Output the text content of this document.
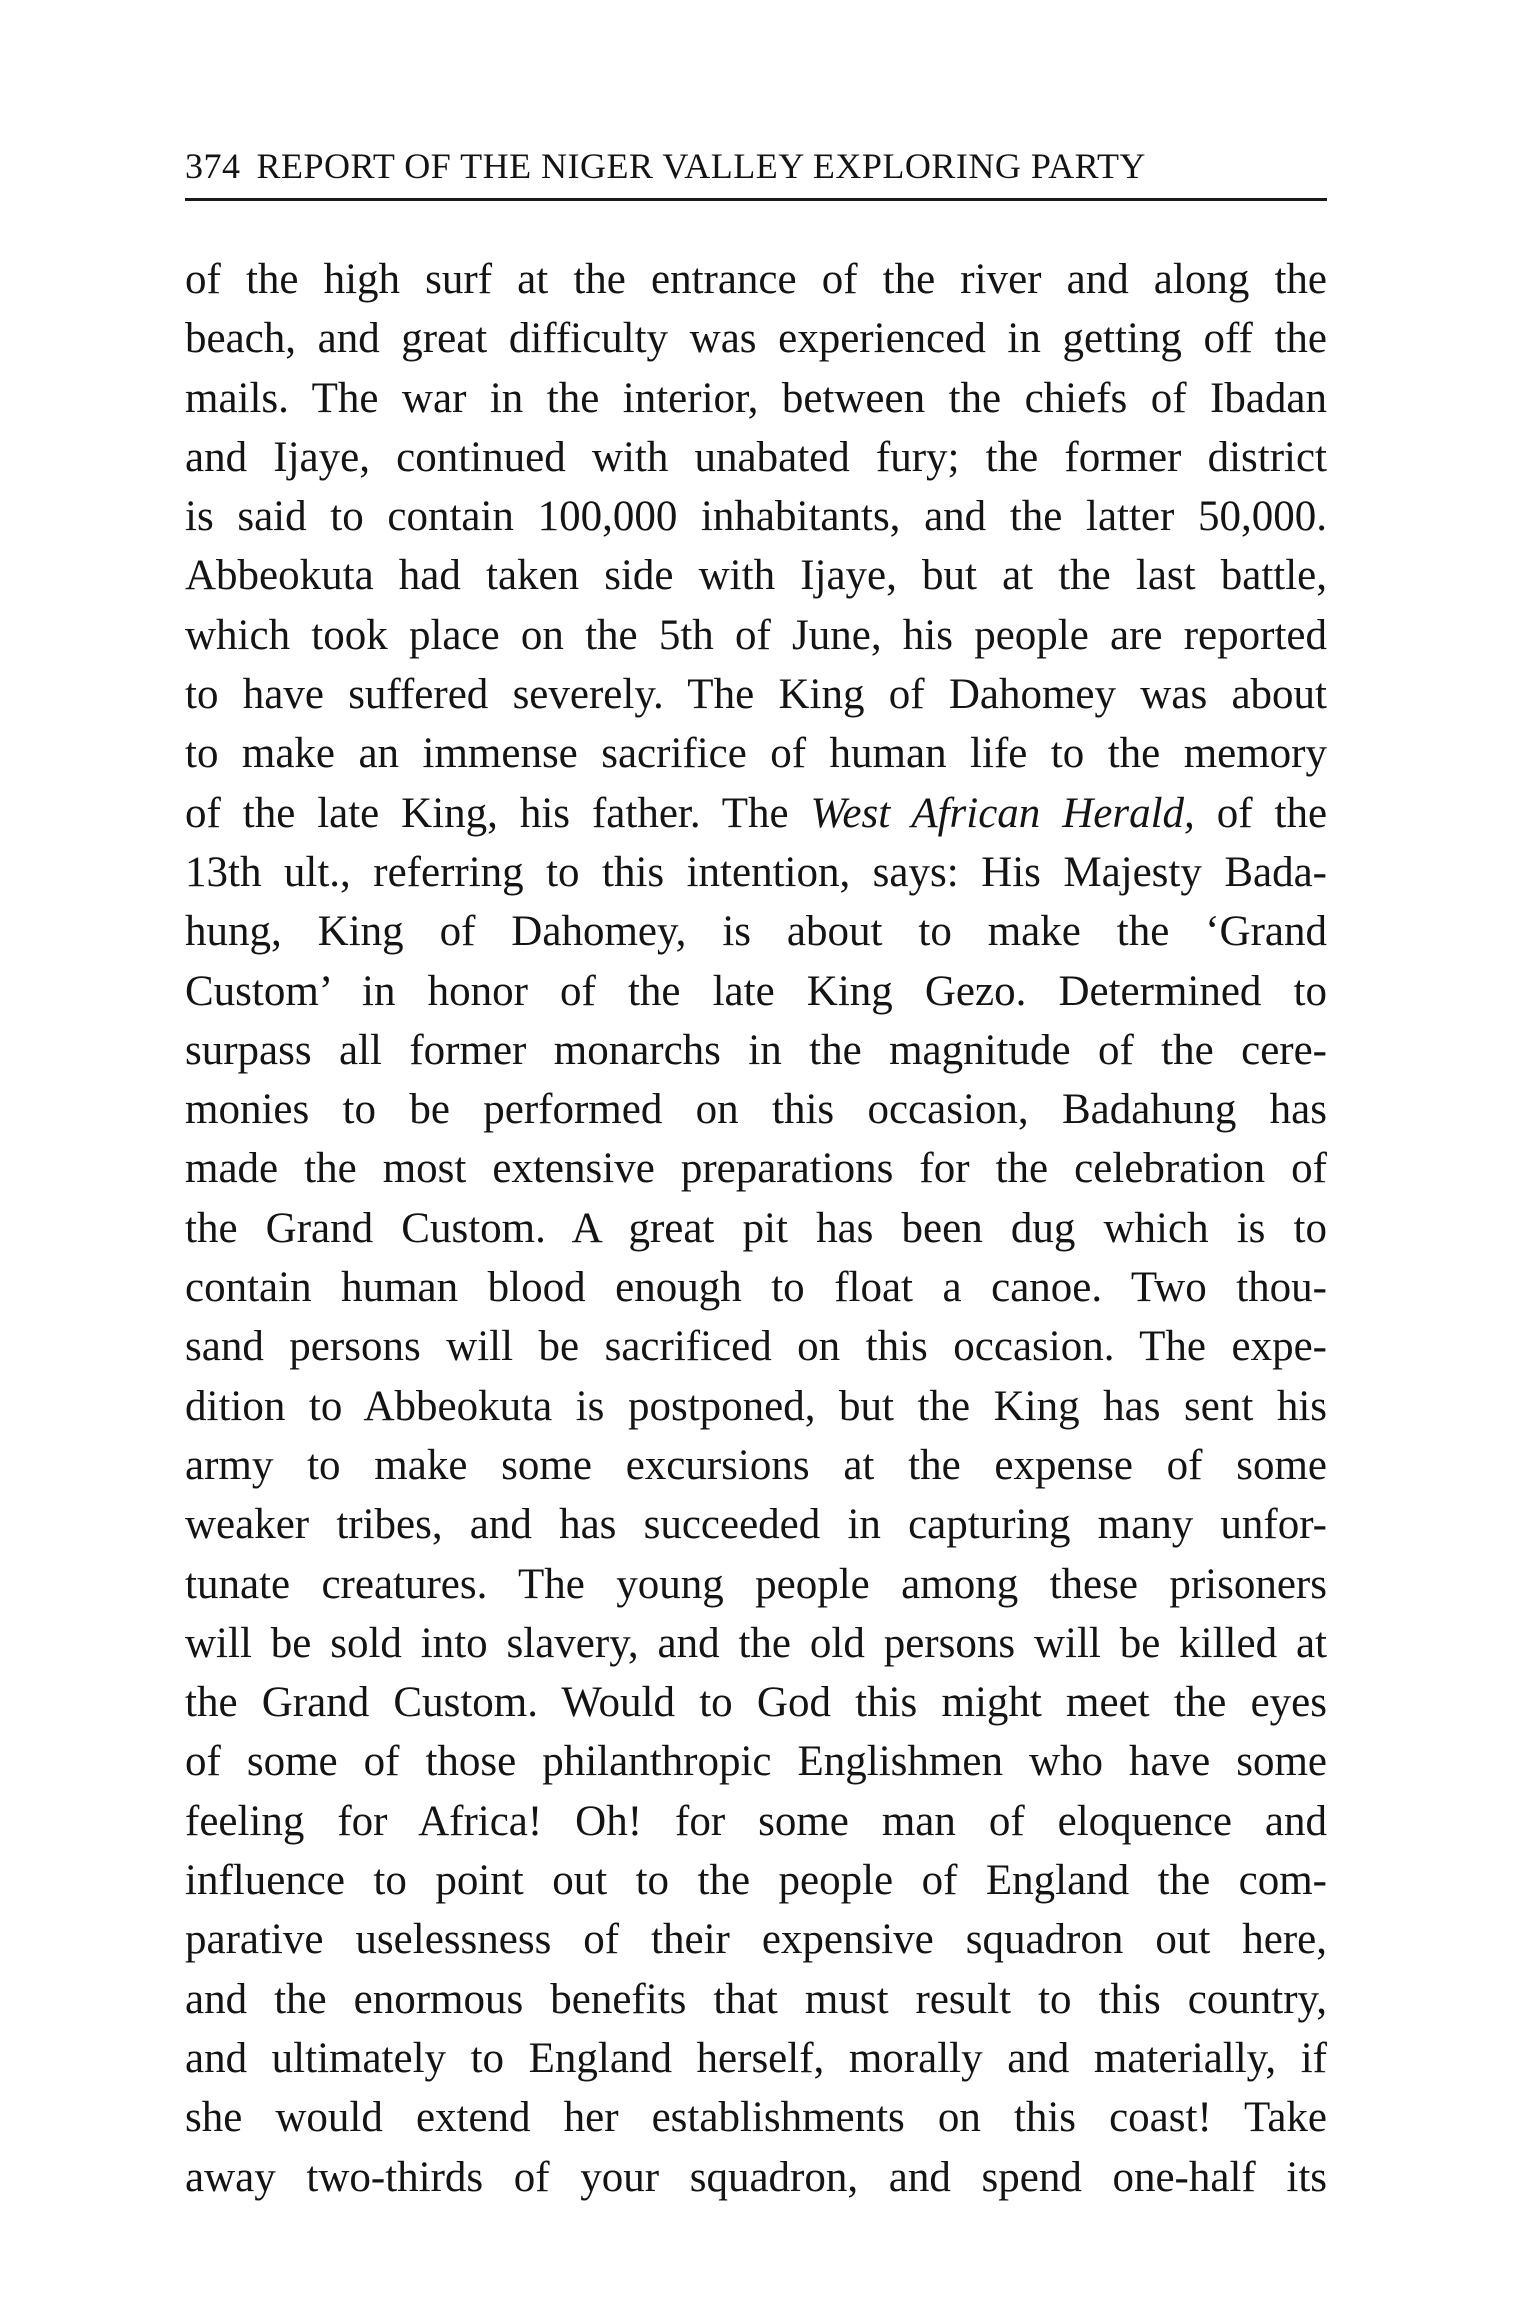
374 REPORT OF THE NIGER VALLEY EXPLORING PARTY
of the high surf at the entrance of the river and along the
beach, and great difficulty was experienced in getting off the
mails. The war in the interior, between the chiefs of Ibadan
and Ijaye, continued with unabated fury; the former district
is said to contain 100,000 inhabitants, and the latter 50,000.
Abbeokuta had taken side with Ijaye, but at the last battle,
which took place on the 5th of June, his people are reported
to have suffered severely. The King of Dahomey was about
to make an immense sacrifice of human life to the memory
of the late King, his father. The West African Herald, of the
13th ult., referring to this intention, says: His Majesty Bada-
hung, King of Dahomey, is about to make the ‘Grand
Custom’ in honor of the late King Gezo. Determined to
surpass all former monarchs in the magnitude of the cere-
monies to be performed on this occasion, Badahung has
made the most extensive preparations for the celebration of
the Grand Custom. A great pit has been dug which is to
contain human blood enough to float a canoe. Two thou-
sand persons will be sacrificed on this occasion. The expe-
dition to Abbeokuta is postponed, but the King has sent his
army to make some excursions at the expense of some
weaker tribes, and has succeeded in capturing many unfor-
tunate creatures. The young people among these prisoners
will be sold into slavery, and the old persons will be killed at
the Grand Custom. Would to God this might meet the eyes
of some of those philanthropic Englishmen who have some
feeling for Africa! Oh! for some man of eloquence and
influence to point out to the people of England the com-
parative uselessness of their expensive squadron out here,
and the enormous benefits that must result to this country,
and ultimately to England herself, morally and materially, if
she would extend her establishments on this coast! Take
away two-thirds of your squadron, and spend one-half its
